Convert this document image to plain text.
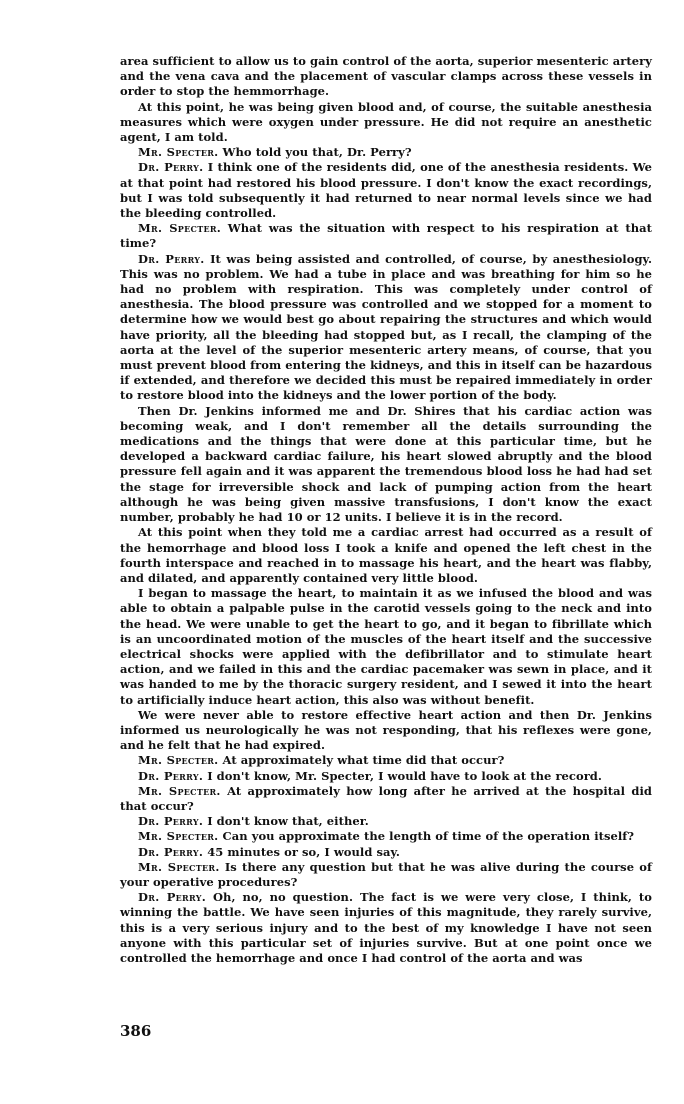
area sufficient to allow us to gain control of the aorta, superior mesenteric artery and the vena cava and the placement of vascular clamps across these vessels in order to stop the hemmorrhage.

At this point, he was being given blood and, of course, the suitable anesthesia measures which were oxygen under pressure. He did not require an anesthetic agent, I am told.

Mr. Specter. Who told you that, Dr. Perry?

Dr. Perry. I think one of the residents did, one of the anesthesia residents. We at that point had restored his blood pressure. I don't know the exact recordings, but I was told subsequently it had returned to near normal levels since we had the bleeding controlled.

Mr. Specter. What was the situation with respect to his respiration at that time?

Dr. Perry. It was being assisted and controlled, of course, by anesthesiology. This was no problem. We had a tube in place and was breathing for him so he had no problem with respiration. This was completely under control of anesthesia. The blood pressure was controlled and we stopped for a moment to determine how we would best go about repairing the structures and which would have priority, all the bleeding had stopped but, as I recall, the clamping of the aorta at the level of the superior mesenteric artery means, of course, that you must prevent blood from entering the kidneys, and this in itself can be hazardous if extended, and therefore we decided this must be repaired immediately in order to restore blood into the kidneys and the lower portion of the body.

Then Dr. Jenkins informed me and Dr. Shires that his cardiac action was becoming weak, and I don't remember all the details surrounding the medications and the things that were done at this particular time, but he developed a backward cardiac failure, his heart slowed abruptly and the blood pressure fell again and it was apparent the tremendous blood loss he had had set the stage for irreversible shock and lack of pumping action from the heart although he was being given massive transfusions, I don't know the exact number, probably he had 10 or 12 units. I believe it is in the record.

At this point when they told me a cardiac arrest had occurred as a result of the hemorrhage and blood loss I took a knife and opened the left chest in the fourth interspace and reached in to massage his heart, and the heart was flabby, and dilated, and apparently contained very little blood.

I began to massage the heart, to maintain it as we infused the blood and was able to obtain a palpable pulse in the carotid vessels going to the neck and into the head. We were unable to get the heart to go, and it began to fibrillate which is an uncoordinated motion of the muscles of the heart itself and the successive electrical shocks were applied with the defibrillator and to stimulate heart action, and we failed in this and the cardiac pacemaker was sewn in place, and it was handed to me by the thoracic surgery resident, and I sewed it into the heart to artificially induce heart action, this also was without benefit.

We were never able to restore effective heart action and then Dr. Jenkins informed us neurologically he was not responding, that his reflexes were gone, and he felt that he had expired.

Mr. Specter. At approximately what time did that occur?

Dr. Perry. I don't know, Mr. Specter, I would have to look at the record.

Mr. Specter. At approximately how long after he arrived at the hospital did that occur?

Dr. Perry. I don't know that, either.

Mr. Specter. Can you approximate the length of time of the operation itself?

Dr. Perry. 45 minutes or so, I would say.

Mr. Specter. Is there any question but that he was alive during the course of your operative procedures?

Dr. Perry. Oh, no, no question. The fact is we were very close, I think, to winning the battle. We have seen injuries of this magnitude, they rarely survive, this is a very serious injury and to the best of my knowledge I have not seen anyone with this particular set of injuries survive. But at one point once we controlled the hemorrhage and once I had control of the aorta and was

386
